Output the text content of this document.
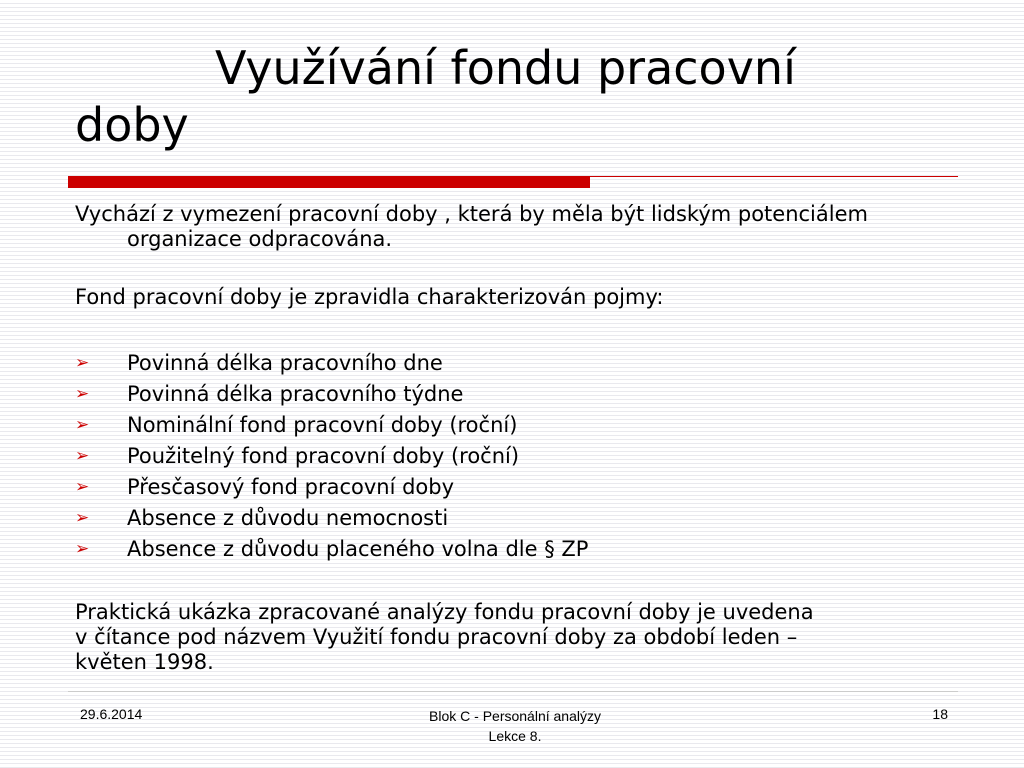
Využívání fondu pracovní
doby

Vychází z vymezení pracovní doby , která by měla být lidským potenciálem organizace odpracována.

Fond pracovní doby je zpravidla charakterizován pojmy:

➢ Povinná délka pracovního dne
➢ Povinná délka pracovního týdne
➢ Nominální fond pracovní doby (roční)
➢ Použitelný fond pracovní doby (roční)
➢ Přesčasový fond pracovní doby
➢ Absence z důvodu nemocnosti
➢ Absence z důvodu placeného volna dle § ZP

Praktická ukázka zpracované analýzy fondu pracovní doby je uvedena

v čítance pod názvem Využití fondu pracovní doby za období leden –

květen 1998.

29.6.2014	Blok C - Personální analýzy
Lekce 8.
18
